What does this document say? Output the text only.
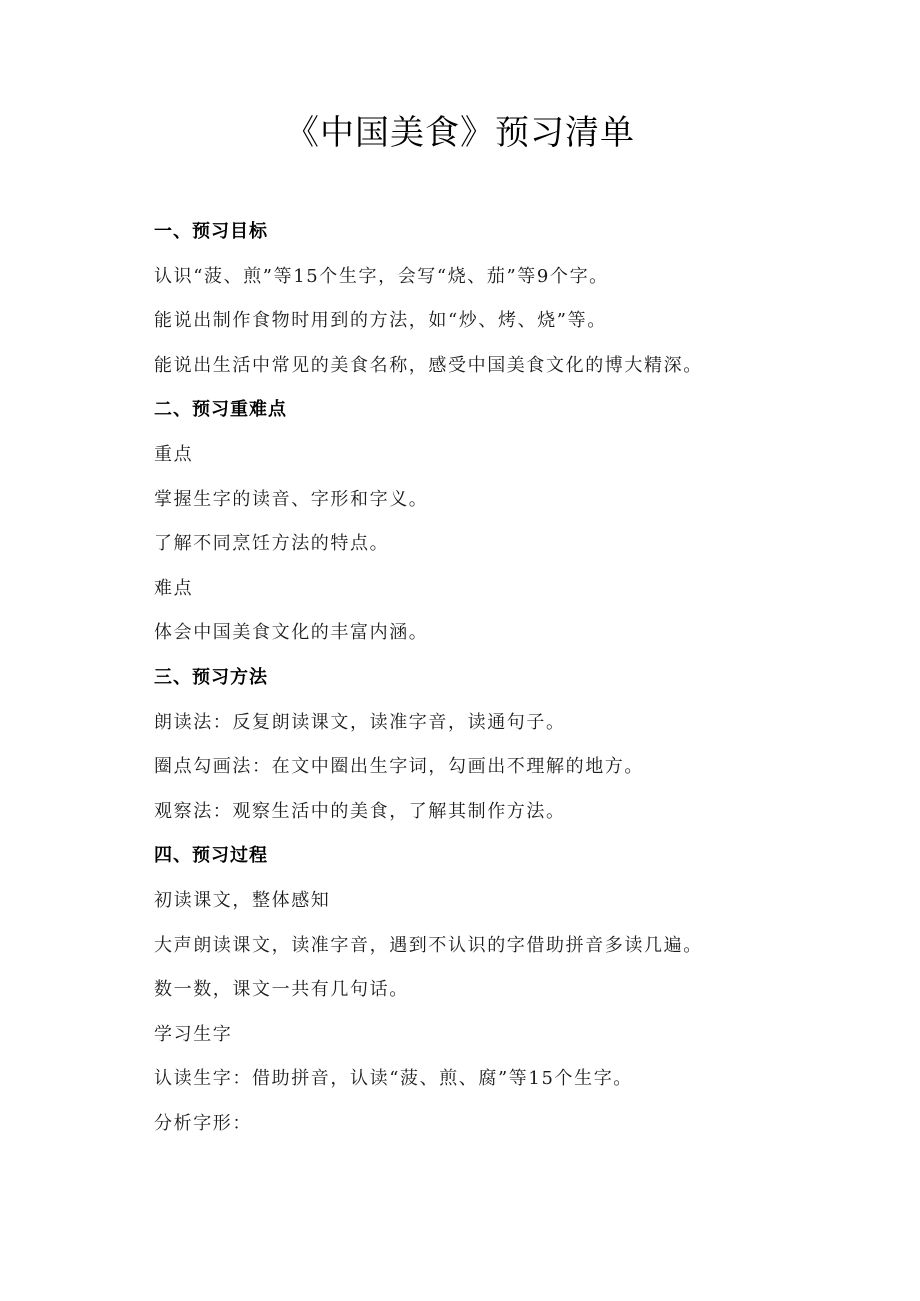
《中国美食》预习清单
一、预习目标
认识“菠、煎”等15个生字，会写“烧、茄”等9个字。
能说出制作食物时用到的方法，如“炒、烤、烧”等。
能说出生活中常见的美食名称，感受中国美食文化的博大精深。
二、预习重难点
重点
掌握生字的读音、字形和字义。
了解不同烹饪方法的特点。
难点
体会中国美食文化的丰富内涵。
三、预习方法
朗读法：反复朗读课文，读准字音，读通句子。
圈点勾画法：在文中圈出生字词，勾画出不理解的地方。
观察法：观察生活中的美食，了解其制作方法。
四、预习过程
初读课文，整体感知
大声朗读课文，读准字音，遇到不认识的字借助拼音多读几遍。
数一数，课文一共有几句话。
学习生字
认读生字：借助拼音，认读“菠、煎、腐”等15个生字。
分析字形：
